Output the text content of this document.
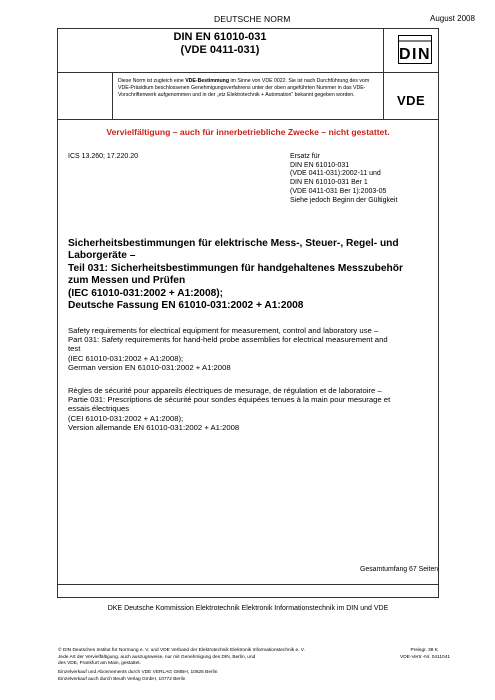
DEUTSCHE NORM	August 2008
DIN EN 61010-031
(VDE 0411-031)	DIN
VDE
Diese Norm ist zugleich eine VDE-Bestimmung im Sinne von VDE 0022. Sie ist nach Durchführung des vom VDE-Präsidium beschlossenen Genehmigungsverfahrens unter der oben angeführten Nummer in das VDE-Vorschriftenwerk aufgenommen und in der „etz Elektrotechnik + Automation“ bekannt gegeben worden.
Vervielfältigung – auch für innerbetriebliche Zwecke – nicht gestattet.
ICS 13.260; 17.220.20	Ersatz für
DIN EN 61010-031
(VDE 0411-031):2002-11 und
DIN EN 61010-031 Ber 1
(VDE 0411-031 Ber 1):2003-05
Siehe jedoch Beginn der Gültigkeit
Sicherheitsbestimmungen für elektrische Mess-, Steuer-, Regel- und
Laborgeräte –
Teil 031: Sicherheitsbestimmungen für handgehaltenes Messzubehör
zum Messen und Prüfen
(IEC 61010-031:2002 + A1:2008);
Deutsche Fassung EN 61010-031:2002 + A1:2008
Safety requirements for electrical equipment for measurement, control and laboratory use –
Part 031: Safety requirements for hand-held probe assemblies for electrical measurement and
test
(IEC 61010-031:2002 + A1:2008);
German version EN 61010-031:2002 + A1:2008
Règles de sécurité pour appareils électriques de mesurage, de régulation et de laboratoire –
Partie 031: Prescriptions de sécurité pour sondes équipées tenues à la main pour mesurage et
essais électriques
(CEI 61010-031:2002 + A1:2008);
Version allemande EN 61010-031:2002 + A1:2008
Gesamtumfang 67 Seiten
DKE Deutsche Kommission Elektrotechnik Elektronik Informationstechnik im DIN und VDE
© DIN Deutsches Institut für Normung e. V. und VDE Verband der Elektrotechnik Elektronik Informationstechnik e. V.
Jede Art der Vervielfältigung, auch auszugsweise, nur mit Genehmigung des DIN, Berlin, und
des VDE, Frankfurt am Main, gestattet.
Preisgr. 38 K
VDE-Vertr.-Nr. 0411041
Einzelverkauf und Abonnements durch VDE VERLAG GMBH, 10625 Berlin
Einzelverkauf auch durch Beuth Verlag GmbH, 10772 Berlin
